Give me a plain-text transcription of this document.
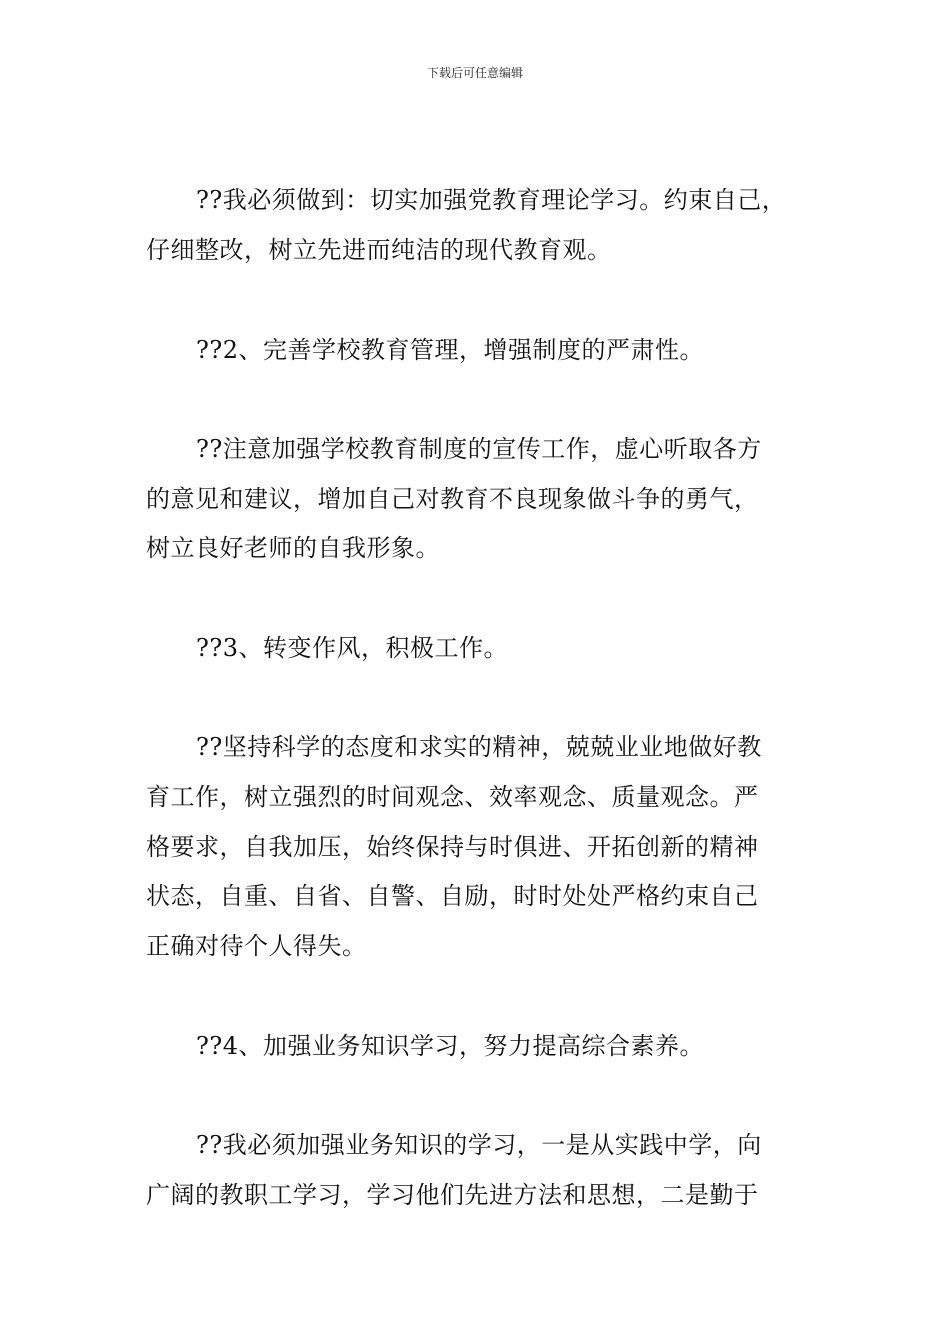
下载后可任意编辑
??我必须做到：切实加强党教育理论学习。约束自己，
仔细整改，树立先进而纯洁的现代教育观。
??2、完善学校教育管理，增强制度的严肃性。
??注意加强学校教育制度的宣传工作，虚心听取各方
的意见和建议，增加自己对教育不良现象做斗争的勇气，
树立良好老师的自我形象。
??3、转变作风，积极工作。
??坚持科学的态度和求实的精神，兢兢业业地做好教
育工作，树立强烈的时间观念、效率观念、质量观念。严
格要求，自我加压，始终保持与时俱进、开拓创新的精神
状态，自重、自省、自警、自励，时时处处严格约束自己
正确对待个人得失。
??4、加强业务知识学习，努力提高综合素养。
??我必须加强业务知识的学习，一是从实践中学，向
广阔的教职工学习，学习他们先进方法和思想，二是勤于
